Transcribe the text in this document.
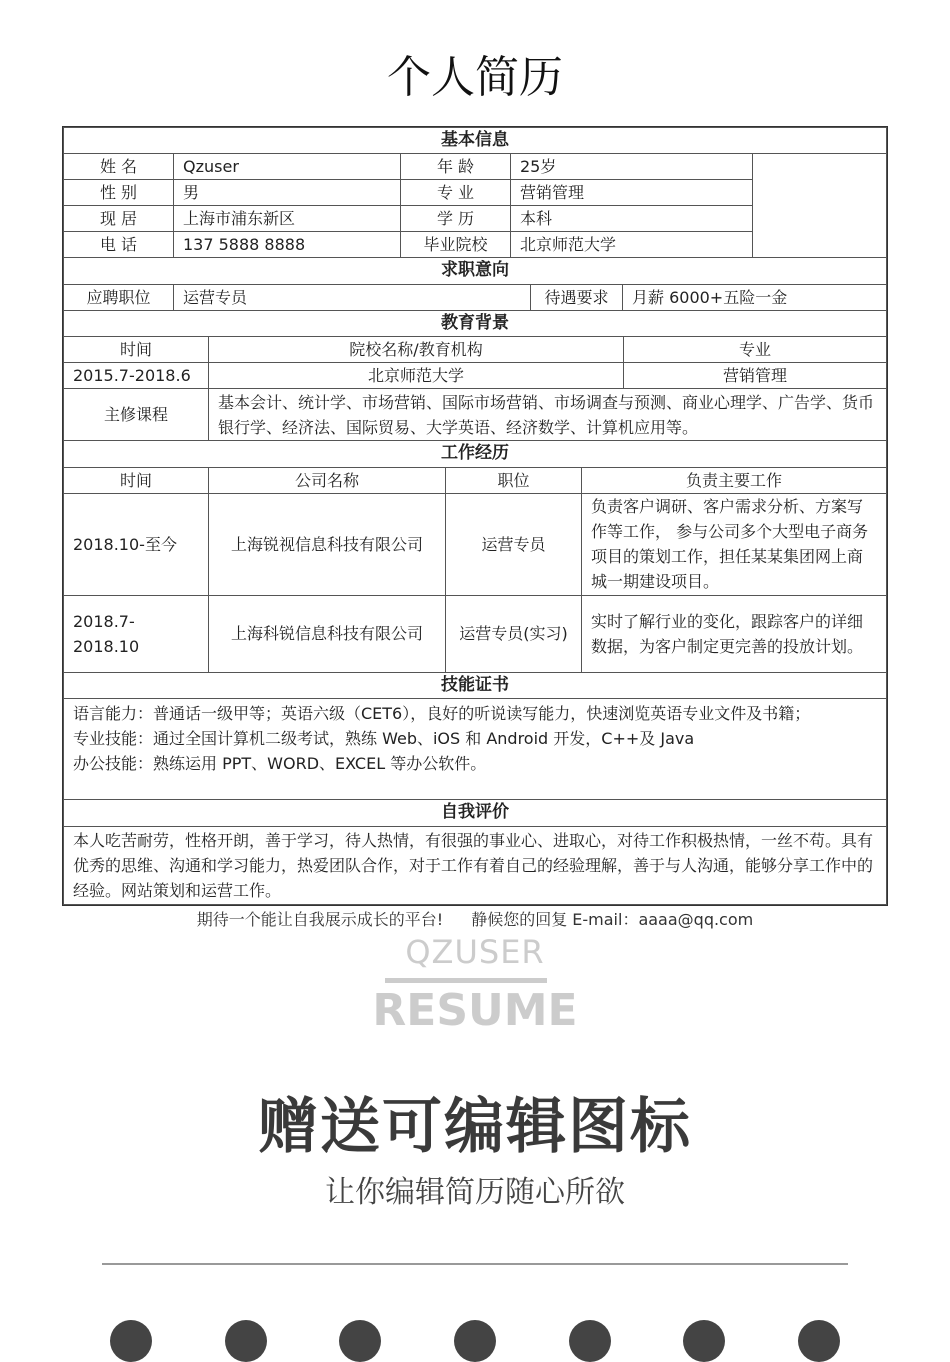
个人简历
基本信息				
姓 名	Qzuser	年 龄	25岁	
性 别	男	专 业	营销管理	
现 居	上海市浦东新区	学 历	本科	
电 话	137 5888 8888	毕业院校	北京师范大学	
求职意向
应聘职位	运营专员	待遇要求	月薪 6000+五险一金
教育背景		
时间	院校名称/教育机构	专业
2015.7-2018.6	北京师范大学	营销管理
主修课程	基本会计、统计学、市场营销、国际市场营销、市场调查与预测、商业心理学、广告学、货币银行学、经济法、国际贸易、大学英语、经济数学、计算机应用等。	
工作经历			
时间	公司名称	职位	负责主要工作
2018.10-至今	上海锐视信息科技有限公司	运营专员	负责客户调研、客户需求分析、方案写作等工作， 参与公司多个大型电子商务项目的策划工作，担任某某集团网上商城一期建设项目。
2018.7-2018.10	上海科锐信息科技有限公司	运营专员(实习)	实时了解行业的变化，跟踪客户的详细数据，为客户制定更完善的投放计划。
技能证书

语言能力：普通话一级甲等；英语六级（CET6），良好的听说读写能力，快速浏览英语专业文件及书籍；
专业技能：通过全国计算机二级考试，熟练 Web、iOS 和 Android 开发，C++及 Java
办公技能：熟练运用 PPT、WORD、EXCEL 等办公软件。
自我评价
本人吃苦耐劳，性格开朗，善于学习，待人热情，有很强的事业心、进取心，对待工作积极热情，一丝不苟。具有优秀的思维、沟通和学习能力，热爱团队合作，对于工作有着自己的经验理解，善于与人沟通，能够分享工作中的经验。网站策划和运营工作。
期待一个能让自我展示成长的平台! 静候您的回复 E-mail：aaaa@qq.com
QZUSER
RESUME
赠送可编辑图标
让你编辑简历随心所欲
